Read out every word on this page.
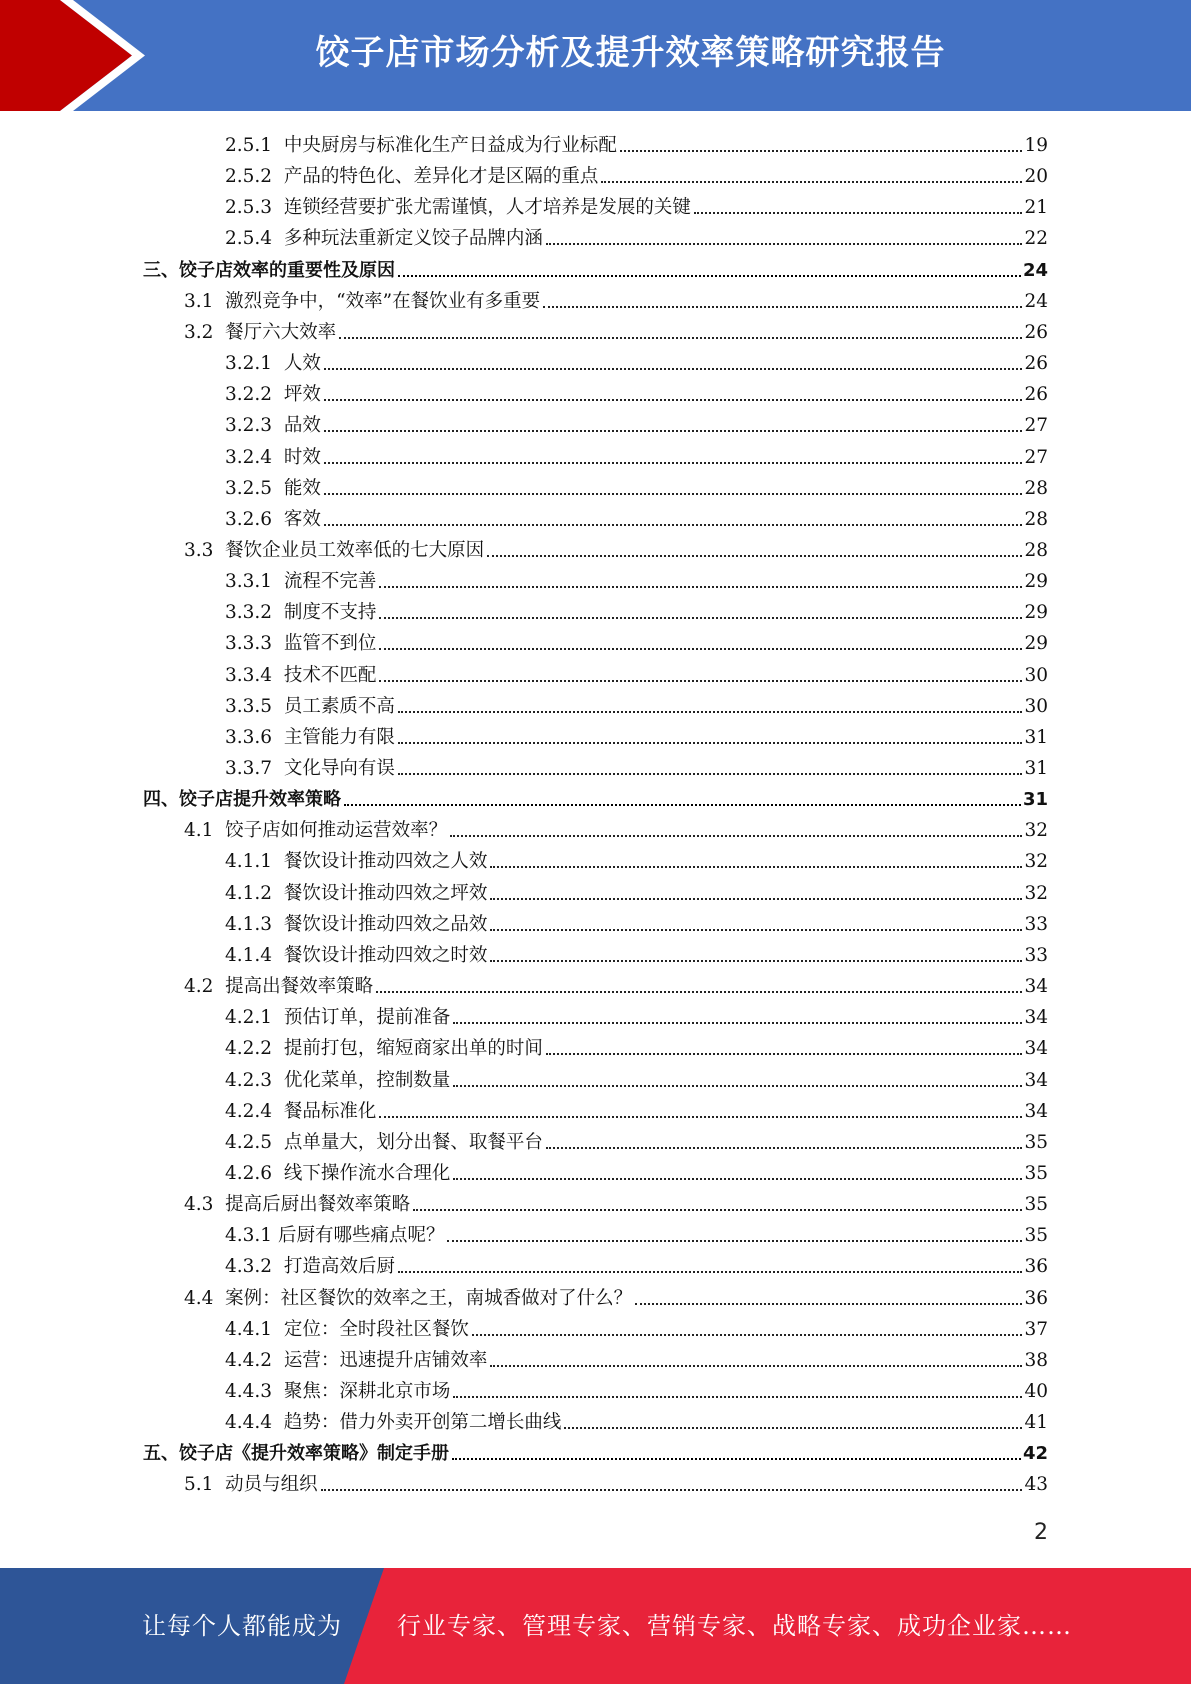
饺子店市场分析及提升效率策略研究报告
2.5.1  中央厨房与标准化生产日益成为行业标配	19
2.5.2  产品的特色化、差异化才是区隔的重点	20
2.5.3  连锁经营要扩张尤需谨慎，人才培养是发展的关键	21
2.5.4  多种玩法重新定义饺子品牌内涵	22
三、饺子店效率的重要性及原因	24
3.1  激烈竞争中，“效率”在餐饮业有多重要	24
3.2  餐厅六大效率	26
3.2.1  人效	26
3.2.2  坪效	26
3.2.3  品效	27
3.2.4  时效	27
3.2.5  能效	28
3.2.6  客效	28
3.3  餐饮企业员工效率低的七大原因	28
3.3.1  流程不完善	29
3.3.2  制度不支持	29
3.3.3  监管不到位	29
3.3.4  技术不匹配	30
3.3.5  员工素质不高	30
3.3.6  主管能力有限	31
3.3.7  文化导向有误	31
四、饺子店提升效率策略	31
4.1  饺子店如何推动运营效率？	32
4.1.1  餐饮设计推动四效之人效	32
4.1.2  餐饮设计推动四效之坪效	32
4.1.3  餐饮设计推动四效之品效	33
4.1.4  餐饮设计推动四效之时效	33
4.2  提高出餐效率策略	34
4.2.1  预估订单，提前准备	34
4.2.2  提前打包，缩短商家出单的时间	34
4.2.3  优化菜单，控制数量	34
4.2.4  餐品标准化	34
4.2.5  点单量大，划分出餐、取餐平台	35
4.2.6  线下操作流水合理化	35
4.3  提高后厨出餐效率策略	35
4.3.1 后厨有哪些痛点呢？	35
4.3.2  打造高效后厨	36
4.4  案例：社区餐饮的效率之王，南城香做对了什么？	36
4.4.1  定位：全时段社区餐饮	37
4.4.2  运营：迅速提升店铺效率	38
4.4.3  聚焦：深耕北京市场	40
4.4.4  趋势：借力外卖开创第二增长曲线	41
五、饺子店《提升效率策略》制定手册	42
5.1  动员与组织	43
2
让每个人都能成为 行业专家、管理专家、营销专家、战略专家、成功企业家……
